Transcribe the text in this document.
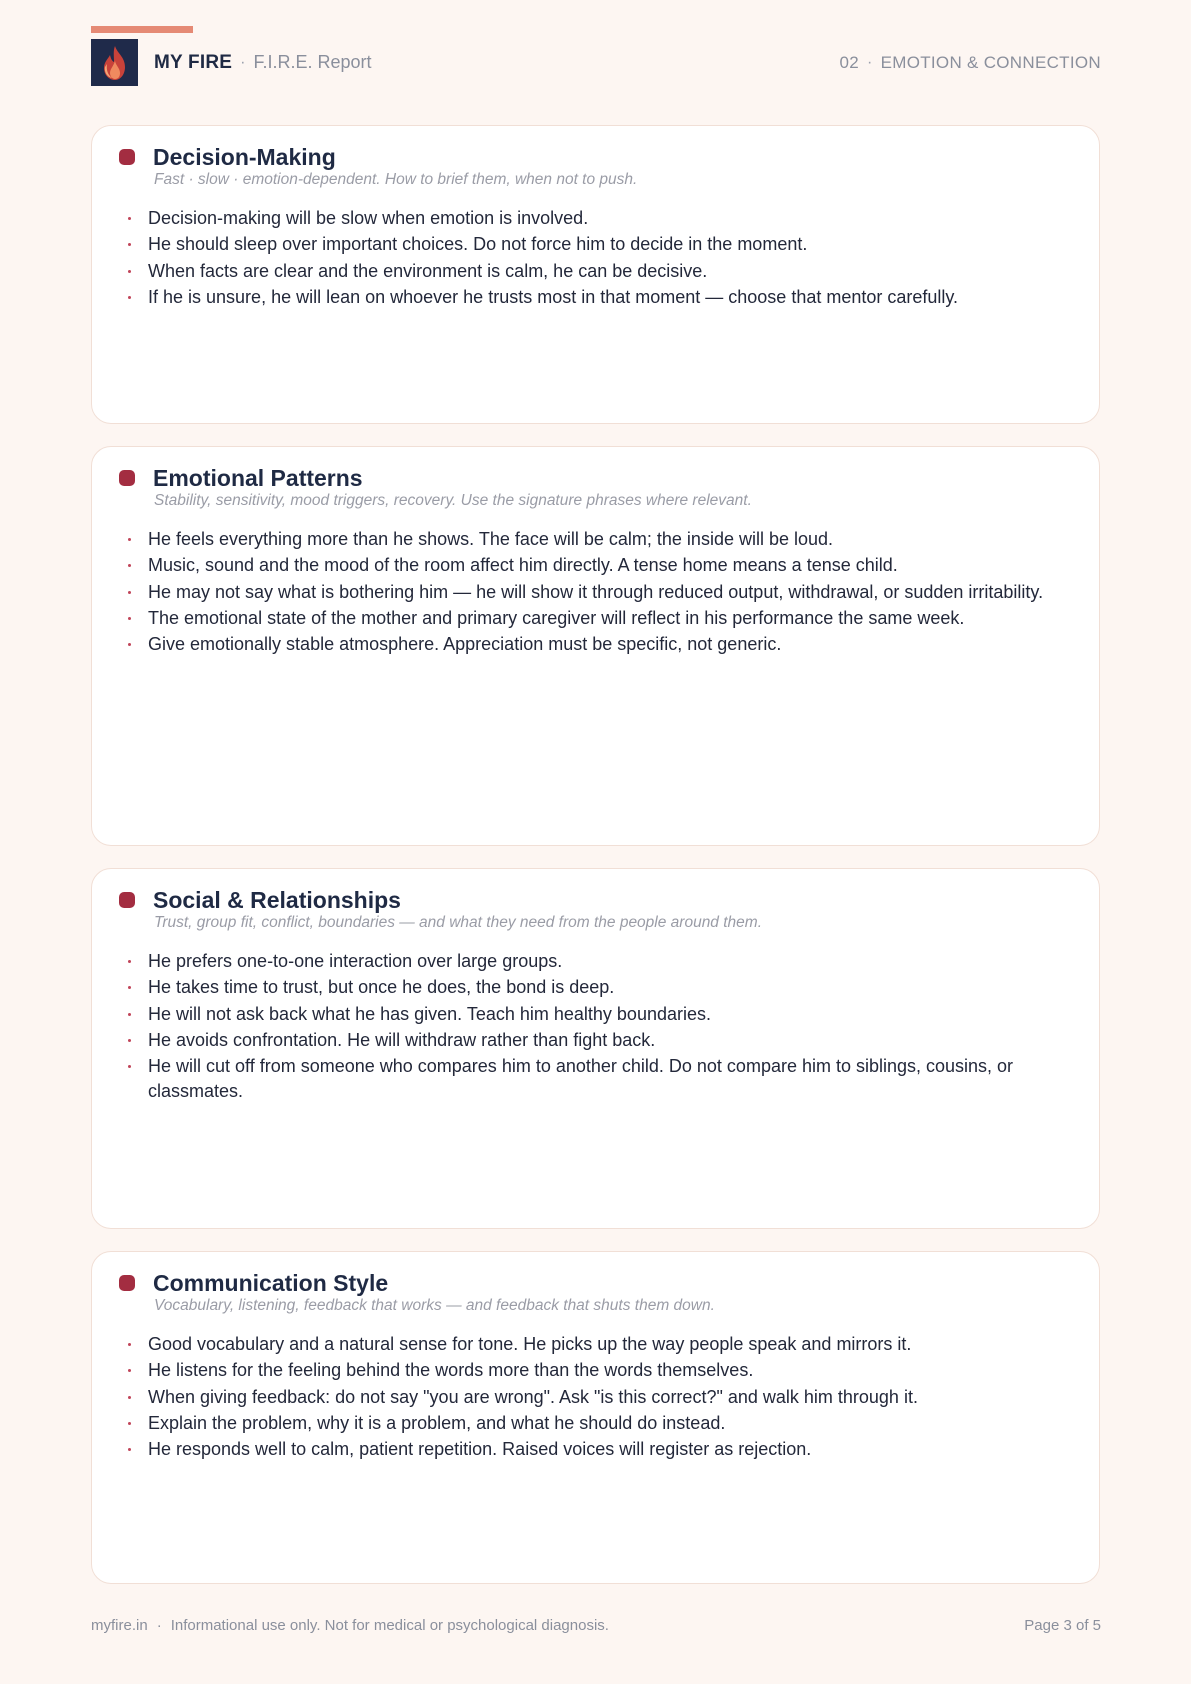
MY FIRE · F.I.R.E. Report	02 · EMOTION & CONNECTION
Decision-Making
Fast · slow · emotion-dependent. How to brief them, when not to push.
Decision-making will be slow when emotion is involved.
He should sleep over important choices. Do not force him to decide in the moment.
When facts are clear and the environment is calm, he can be decisive.
If he is unsure, he will lean on whoever he trusts most in that moment — choose that mentor carefully.
Emotional Patterns
Stability, sensitivity, mood triggers, recovery. Use the signature phrases where relevant.
He feels everything more than he shows. The face will be calm; the inside will be loud.
Music, sound and the mood of the room affect him directly. A tense home means a tense child.
He may not say what is bothering him — he will show it through reduced output, withdrawal, or sudden irritability.
The emotional state of the mother and primary caregiver will reflect in his performance the same week.
Give emotionally stable atmosphere. Appreciation must be specific, not generic.
Social & Relationships
Trust, group fit, conflict, boundaries — and what they need from the people around them.
He prefers one-to-one interaction over large groups.
He takes time to trust, but once he does, the bond is deep.
He will not ask back what he has given. Teach him healthy boundaries.
He avoids confrontation. He will withdraw rather than fight back.
He will cut off from someone who compares him to another child. Do not compare him to siblings, cousins, or classmates.
Communication Style
Vocabulary, listening, feedback that works — and feedback that shuts them down.
Good vocabulary and a natural sense for tone. He picks up the way people speak and mirrors it.
He listens for the feeling behind the words more than the words themselves.
When giving feedback: do not say "you are wrong". Ask "is this correct?" and walk him through it.
Explain the problem, why it is a problem, and what he should do instead.
He responds well to calm, patient repetition. Raised voices will register as rejection.
myfire.in · Informational use only. Not for medical or psychological diagnosis.	Page 3 of 5
